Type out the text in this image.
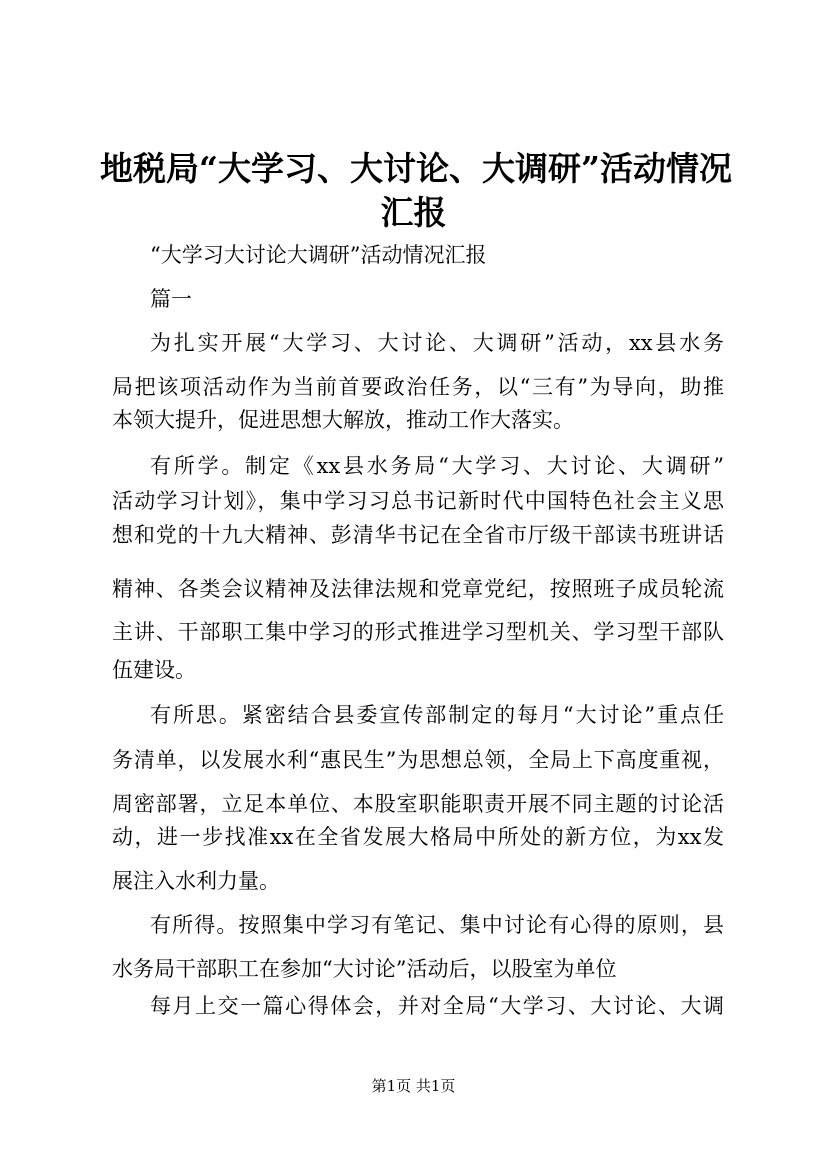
地税局“大学习、大讨论、大调研”活动情况
汇报
“大学习大讨论大调研”活动情况汇报
篇一
为扎实开展“大学习、大讨论、大调研”活动，xx县水务
局把该项活动作为当前首要政治任务，以“三有”为导向，助推
本领大提升，促进思想大解放，推动工作大落实。
有所学。制定《xx县水务局“大学习、大讨论、大调研”
活动学习计划》，集中学习习总书记新时代中国特色社会主义思
想和党的十九大精神、彭清华书记在全省市厅级干部读书班讲话
精神、各类会议精神及法律法规和党章党纪，按照班子成员轮流
主讲、干部职工集中学习的形式推进学习型机关、学习型干部队
伍建设。
有所思。紧密结合县委宣传部制定的每月“大讨论”重点任
务清单，以发展水利“惠民生”为思想总领，全局上下高度重视，
周密部署，立足本单位、本股室职能职责开展不同主题的讨论活
动，进一步找准xx在全省发展大格局中所处的新方位，为xx发
展注入水利力量。
有所得。按照集中学习有笔记、集中讨论有心得的原则，县
水务局干部职工在参加“大讨论”活动后，以股室为单位
每月上交一篇心得体会，并对全局“大学习、大讨论、大调
第1页 共1页
